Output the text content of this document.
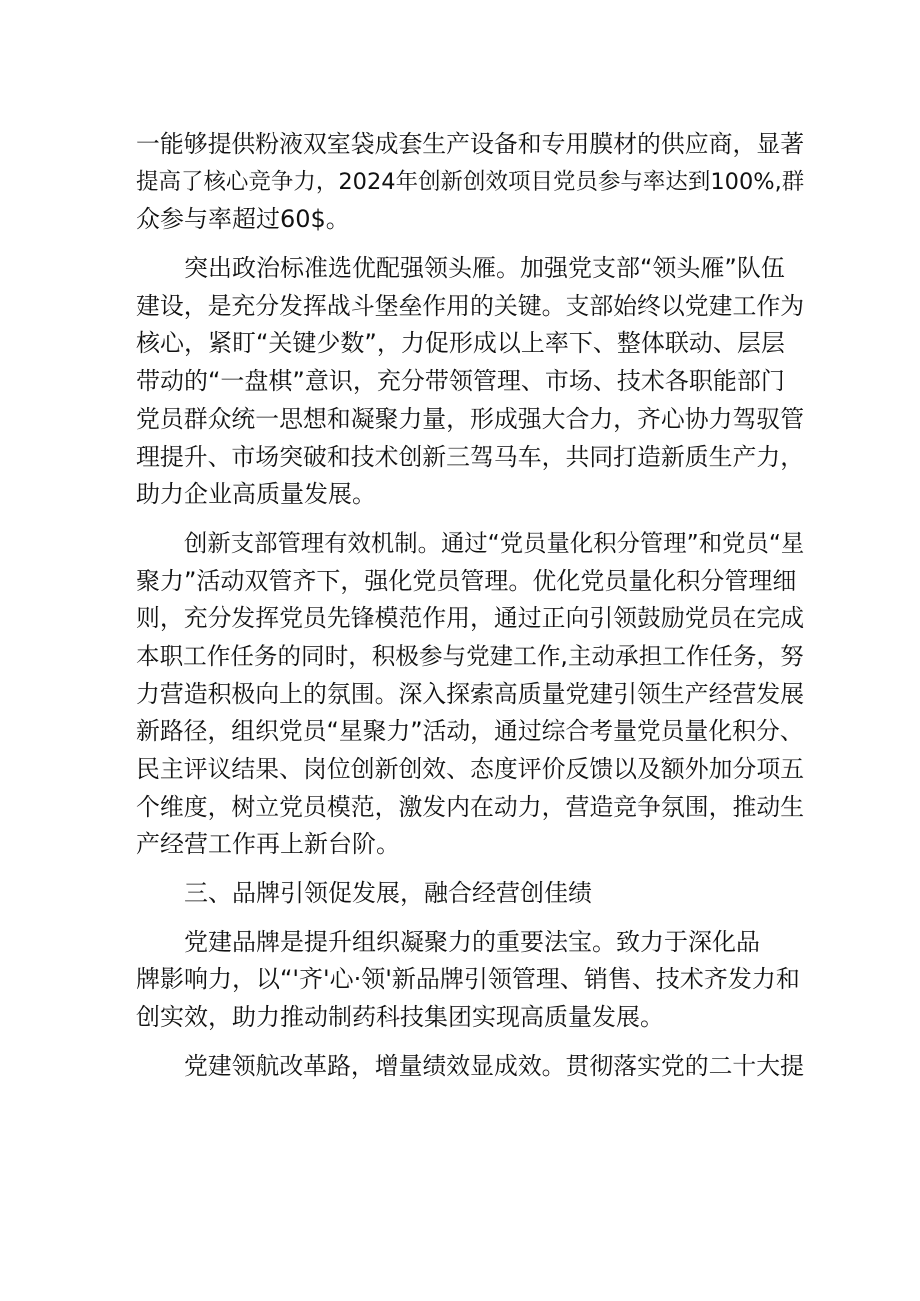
一能够提供粉液双室袋成套生产设备和专用膜材的供应商，显著
提高了核心竞争力，2024年创新创效项目党员参与率达到100%,群
众参与率超过60$。
突出政治标准选优配强领头雁。加强党支部“领头雁”队伍
建设，是充分发挥战斗堡垒作用的关键。支部始终以党建工作为
核心，紧盯“关键少数”，力促形成以上率下、整体联动、层层
带动的“一盘棋”意识，充分带领管理、市场、技术各职能部门
党员群众统一思想和凝聚力量，形成强大合力，齐心协力驾驭管
理提升、市场突破和技术创新三驾马车，共同打造新质生产力，
助力企业高质量发展。
创新支部管理有效机制。通过“党员量化积分管理”和党员“星
聚力”活动双管齐下，强化党员管理。优化党员量化积分管理细
则，充分发挥党员先锋模范作用，通过正向引领鼓励党员在完成
本职工作任务的同时，积极参与党建工作,主动承担工作任务，努
力营造积极向上的氛围。深入探索高质量党建引领生产经营发展
新路径，组织党员“星聚力”活动，通过综合考量党员量化积分、
民主评议结果、岗位创新创效、态度评价反馈以及额外加分项五
个维度，树立党员模范，激发内在动力，营造竞争氛围，推动生
产经营工作再上新台阶。
三、品牌引领促发展，融合经营创佳绩
党建品牌是提升组织凝聚力的重要法宝。致力于深化品
牌影响力，以“'齐'心·领'新品牌引领管理、销售、技术齐发力和
创实效，助力推动制药科技集团实现高质量发展。
党建领航改革路，增量绩效显成效。贯彻落实党的二十大提
